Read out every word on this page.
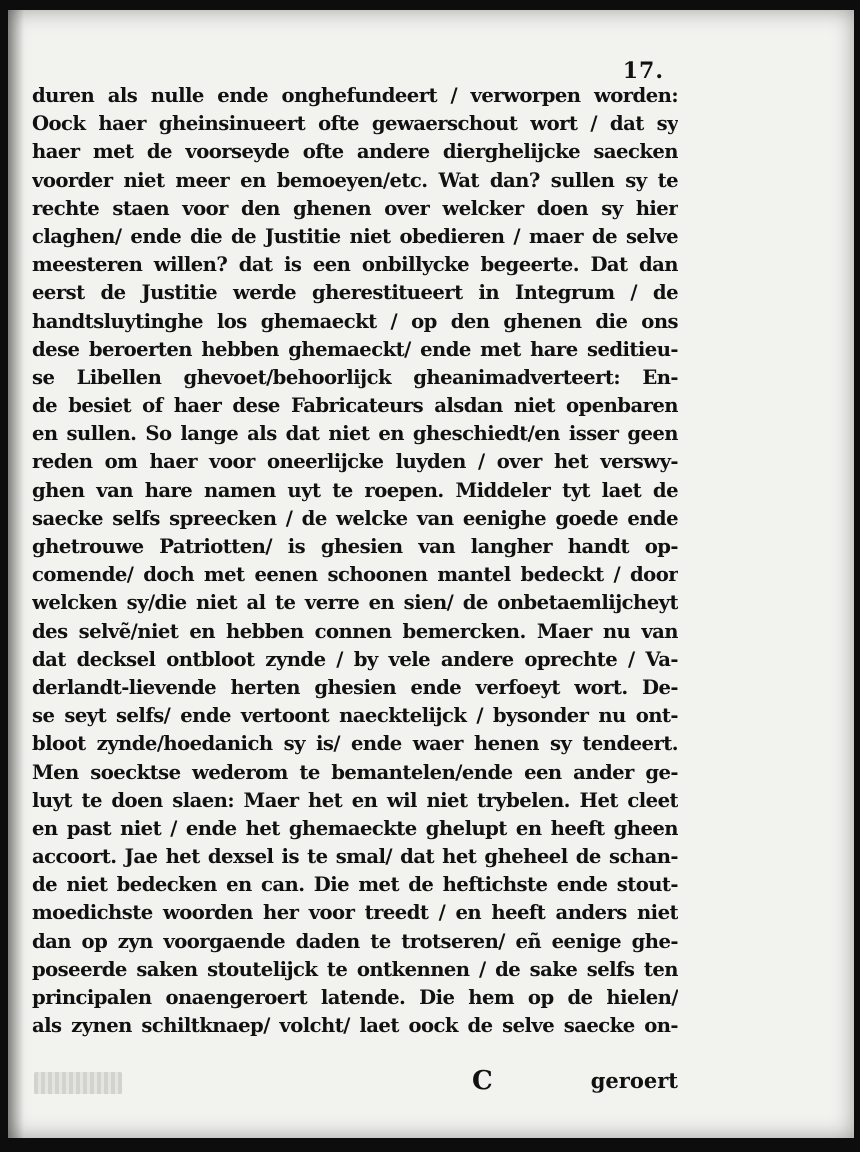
17.
duren als nulle ende onghefundeert / verworpen worden:
Oock haer gheinsinueert ofte gewaerschout wort / dat sy
haer met de voorseyde ofte andere dierghelijcke saecken
voorder niet meer en bemoeyen/etc. Wat dan? sullen sy te
rechte staen voor den ghenen over welcker doen sy hier
claghen/ ende die de Justitie niet obedieren / maer de selve
meesteren willen? dat is een onbillycke begeerte. Dat dan
eerst de Justitie werde gherestitueert in Integrum / de
handtsluytinghe los ghemaeckt / op den ghenen die ons
dese beroerten hebben ghemaeckt/ ende met hare seditieu-
se Libellen ghevoet/behoorlijck gheanimadverteert: En-
de besiet of haer dese Fabricateurs alsdan niet openbaren
en sullen. So lange als dat niet en gheschiedt/en isser geen
reden om haer voor oneerlijcke luyden / over het verswy-
ghen van hare namen uyt te roepen. Middeler tyt laet de
saecke selfs spreecken / de welcke van eenighe goede ende
ghetrouwe Patriotten/ is ghesien van langher handt op-
comende/ doch met eenen schoonen mantel bedeckt / door
welcken sy/die niet al te verre en sien/ de onbetaemlijcheyt
des selvẽ/niet en hebben connen bemercken. Maer nu van
dat decksel ontbloot zynde / by vele andere oprechte / Va-
derlandt-lievende herten ghesien ende verfoeyt wort. De-
se seyt selfs/ ende vertoont naecktelijck / bysonder nu ont-
bloot zynde/hoedanich sy is/ ende waer henen sy tendeert.
Men soecktse wederom te bemantelen/ende een ander ge-
luyt te doen slaen: Maer het en wil niet trybelen. Het cleet
en past niet / ende het ghemaeckte ghelupt en heeft gheen
accoort. Jae het dexsel is te smal/ dat het gheheel de schan-
de niet bedecken en can. Die met de heftichste ende stout-
moedichste woorden her voor treedt / en heeft anders niet
dan op zyn voorgaende daden te trotseren/ eñ eenige ghe-
poseerde saken stoutelijck te ontkennen / de sake selfs ten
principalen onaengeroert latende. Die hem op de hielen/
als zynen schiltknaep/ volcht/ laet oock de selve saecke on-
C	geroert
